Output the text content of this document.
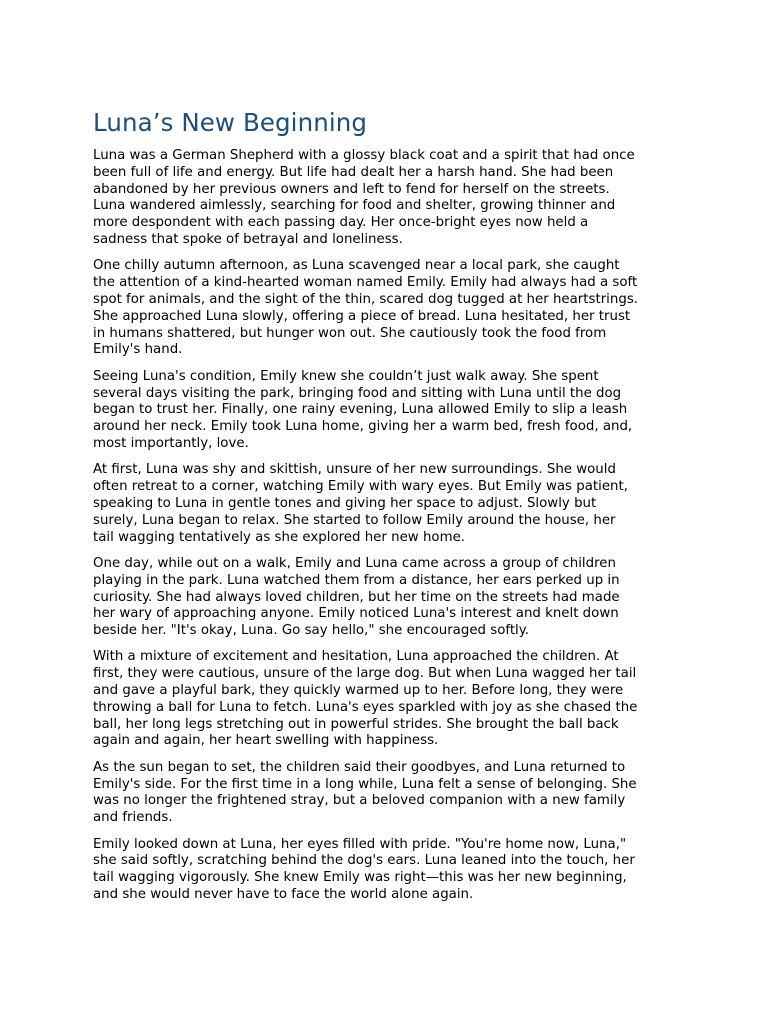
Luna’s New Beginning

Luna was a German Shepherd with a glossy black coat and a spirit that had once
been full of life and energy. But life had dealt her a harsh hand. She had been
abandoned by her previous owners and left to fend for herself on the streets.
Luna wandered aimlessly, searching for food and shelter, growing thinner and
more despondent with each passing day. Her once-bright eyes now held a
sadness that spoke of betrayal and loneliness.

One chilly autumn afternoon, as Luna scavenged near a local park, she caught
the attention of a kind-hearted woman named Emily. Emily had always had a soft
spot for animals, and the sight of the thin, scared dog tugged at her heartstrings.
She approached Luna slowly, offering a piece of bread. Luna hesitated, her trust
in humans shattered, but hunger won out. She cautiously took the food from
Emily's hand.

Seeing Luna's condition, Emily knew she couldn’t just walk away. She spent
several days visiting the park, bringing food and sitting with Luna until the dog
began to trust her. Finally, one rainy evening, Luna allowed Emily to slip a leash
around her neck. Emily took Luna home, giving her a warm bed, fresh food, and,
most importantly, love.

At first, Luna was shy and skittish, unsure of her new surroundings. She would
often retreat to a corner, watching Emily with wary eyes. But Emily was patient,
speaking to Luna in gentle tones and giving her space to adjust. Slowly but
surely, Luna began to relax. She started to follow Emily around the house, her
tail wagging tentatively as she explored her new home.

One day, while out on a walk, Emily and Luna came across a group of children
playing in the park. Luna watched them from a distance, her ears perked up in
curiosity. She had always loved children, but her time on the streets had made
her wary of approaching anyone. Emily noticed Luna's interest and knelt down
beside her. "It's okay, Luna. Go say hello," she encouraged softly.

With a mixture of excitement and hesitation, Luna approached the children. At
first, they were cautious, unsure of the large dog. But when Luna wagged her tail
and gave a playful bark, they quickly warmed up to her. Before long, they were
throwing a ball for Luna to fetch. Luna's eyes sparkled with joy as she chased the
ball, her long legs stretching out in powerful strides. She brought the ball back
again and again, her heart swelling with happiness.

As the sun began to set, the children said their goodbyes, and Luna returned to
Emily's side. For the first time in a long while, Luna felt a sense of belonging. She
was no longer the frightened stray, but a beloved companion with a new family
and friends.

Emily looked down at Luna, her eyes filled with pride. "You're home now, Luna,"
she said softly, scratching behind the dog's ears. Luna leaned into the touch, her
tail wagging vigorously. She knew Emily was right—this was her new beginning,
and she would never have to face the world alone again.
